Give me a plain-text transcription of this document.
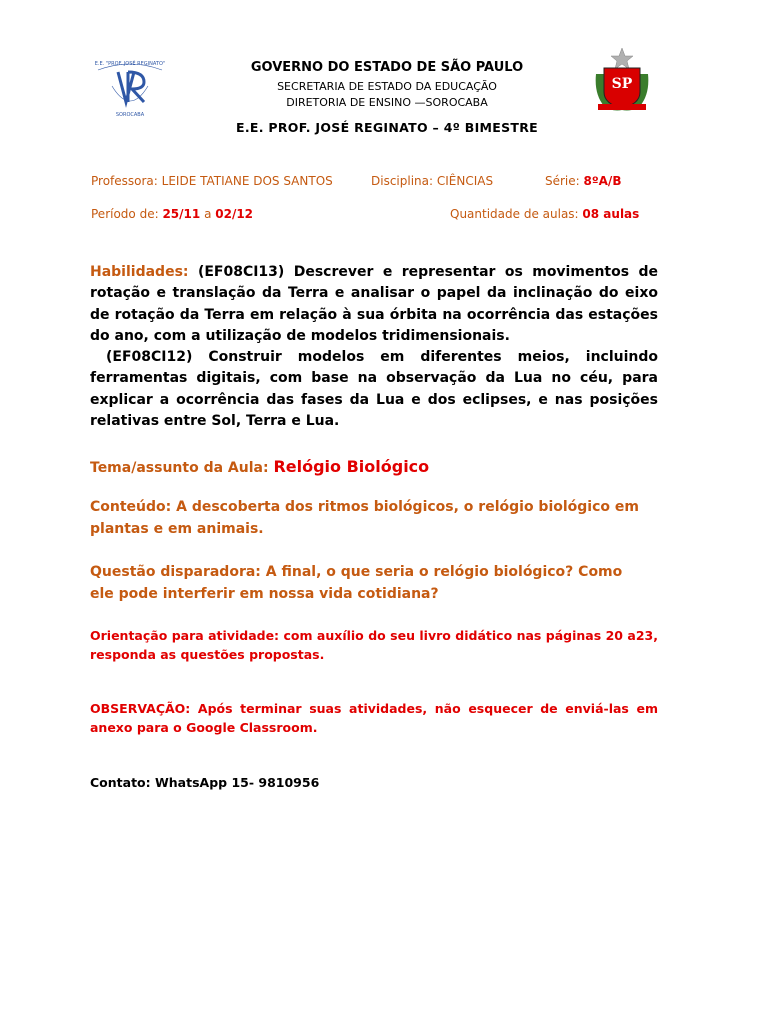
E.E. "PROF. JOSÉ REGINATO"
SOROCABA
SP
GOVERNO DO ESTADO DE SÃO PAULO
SECRETARIA DE ESTADO DA EDUCAÇÃO
DIRETORIA DE ENSINO —SOROCABA
E.E. PROF. JOSÉ REGINATO – 4º BIMESTRE
Professora: LEIDE TATIANE DOS SANTOS	Disciplina: CIÊNCIAS	Série: 8ºA/B
Período de: 25/11 a 02/12	Quantidade de aulas: 08 aulas

Habilidades: (EF08CI13) Descrever e representar os movimentos de rotação e translação da Terra e analisar o papel da inclinação do eixo de rotação da Terra em relação à sua órbita na ocorrência das estações do ano, com a utilização de modelos tridimensionais.

(EF08CI12) Construir modelos em diferentes meios, incluindo ferramentas digitais, com base na observação da Lua no céu, para explicar a ocorrência das fases da Lua e dos eclipses, e nas posições relativas entre Sol, Terra e Lua.

Tema/assunto da Aula: Relógio Biológico
Conteúdo: A descoberta dos ritmos biológicos, o relógio biológico em plantas e em animais.
Questão disparadora: A final, o que seria o relógio biológico? Como ele pode interferir em nossa vida cotidiana?
Orientação para atividade: com auxílio do seu livro didático nas páginas 20 a23, responda as questões propostas.
OBSERVAÇÃO: Após terminar suas atividades, não esquecer de enviá-las em anexo para o Google Classroom.
Contato: WhatsApp 15- 9810956
